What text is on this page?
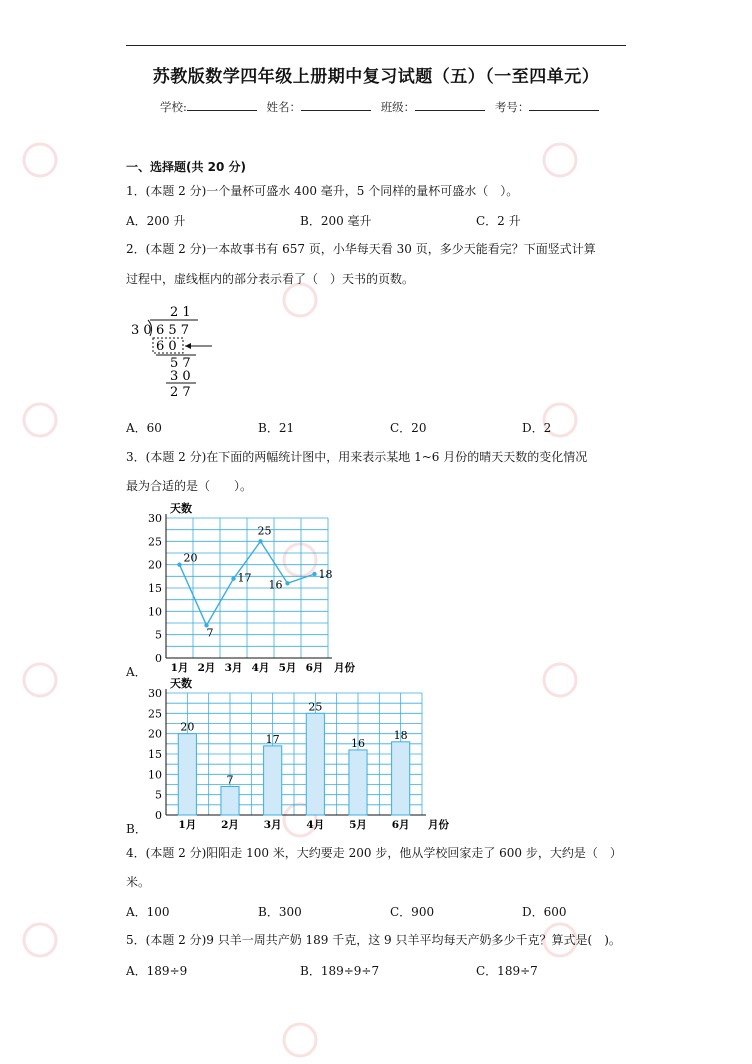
苏教版数学四年级上册期中复习试题（五）（一至四单元）
学校:	姓名：	班级：	考号：
一、选择题(共 20 分)
1．(本题 2 分)一个量杯可盛水 400 毫升，5 个同样的量杯可盛水（　）。
A．200 升	B．200 毫升	C．2 升
2．(本题 2 分)一本故事书有 657 页，小华每天看 30 页，多少天能看完？下面竖式计算
过程中，虚线框内的部分表示看了（　）天书的页数。
2 1
3 0 6 5 7
6 0
5 7
3 0
2 7
A．60	B．21	C．20	D．2
3．(本题 2 分)在下面的两幅统计图中，用来表示某地 1~6 月份的晴天天数的变化情况
最为合适的是（　　）。
0
5
10
15
20
25
30
天数
1月 2月 3月 4月 5月 6月 月份
20
7
17
25
16
18
A．
0
5
10
15
20
25
30
天数
1月 2月 3月 4月 5月 6月 月份
20
7
17
25
16
18
B．
4．(本题 2 分)阳阳走 100 米，大约要走 200 步，他从学校回家走了 600 步，大约是（　）
米。
A．100	B．300	C．900	D．600
5．(本题 2 分)9 只羊一周共产奶 189 千克，这 9 只羊平均每天产奶多少千克？算式是(　)。
A．189÷9	B．189÷9÷7	C．189÷7
